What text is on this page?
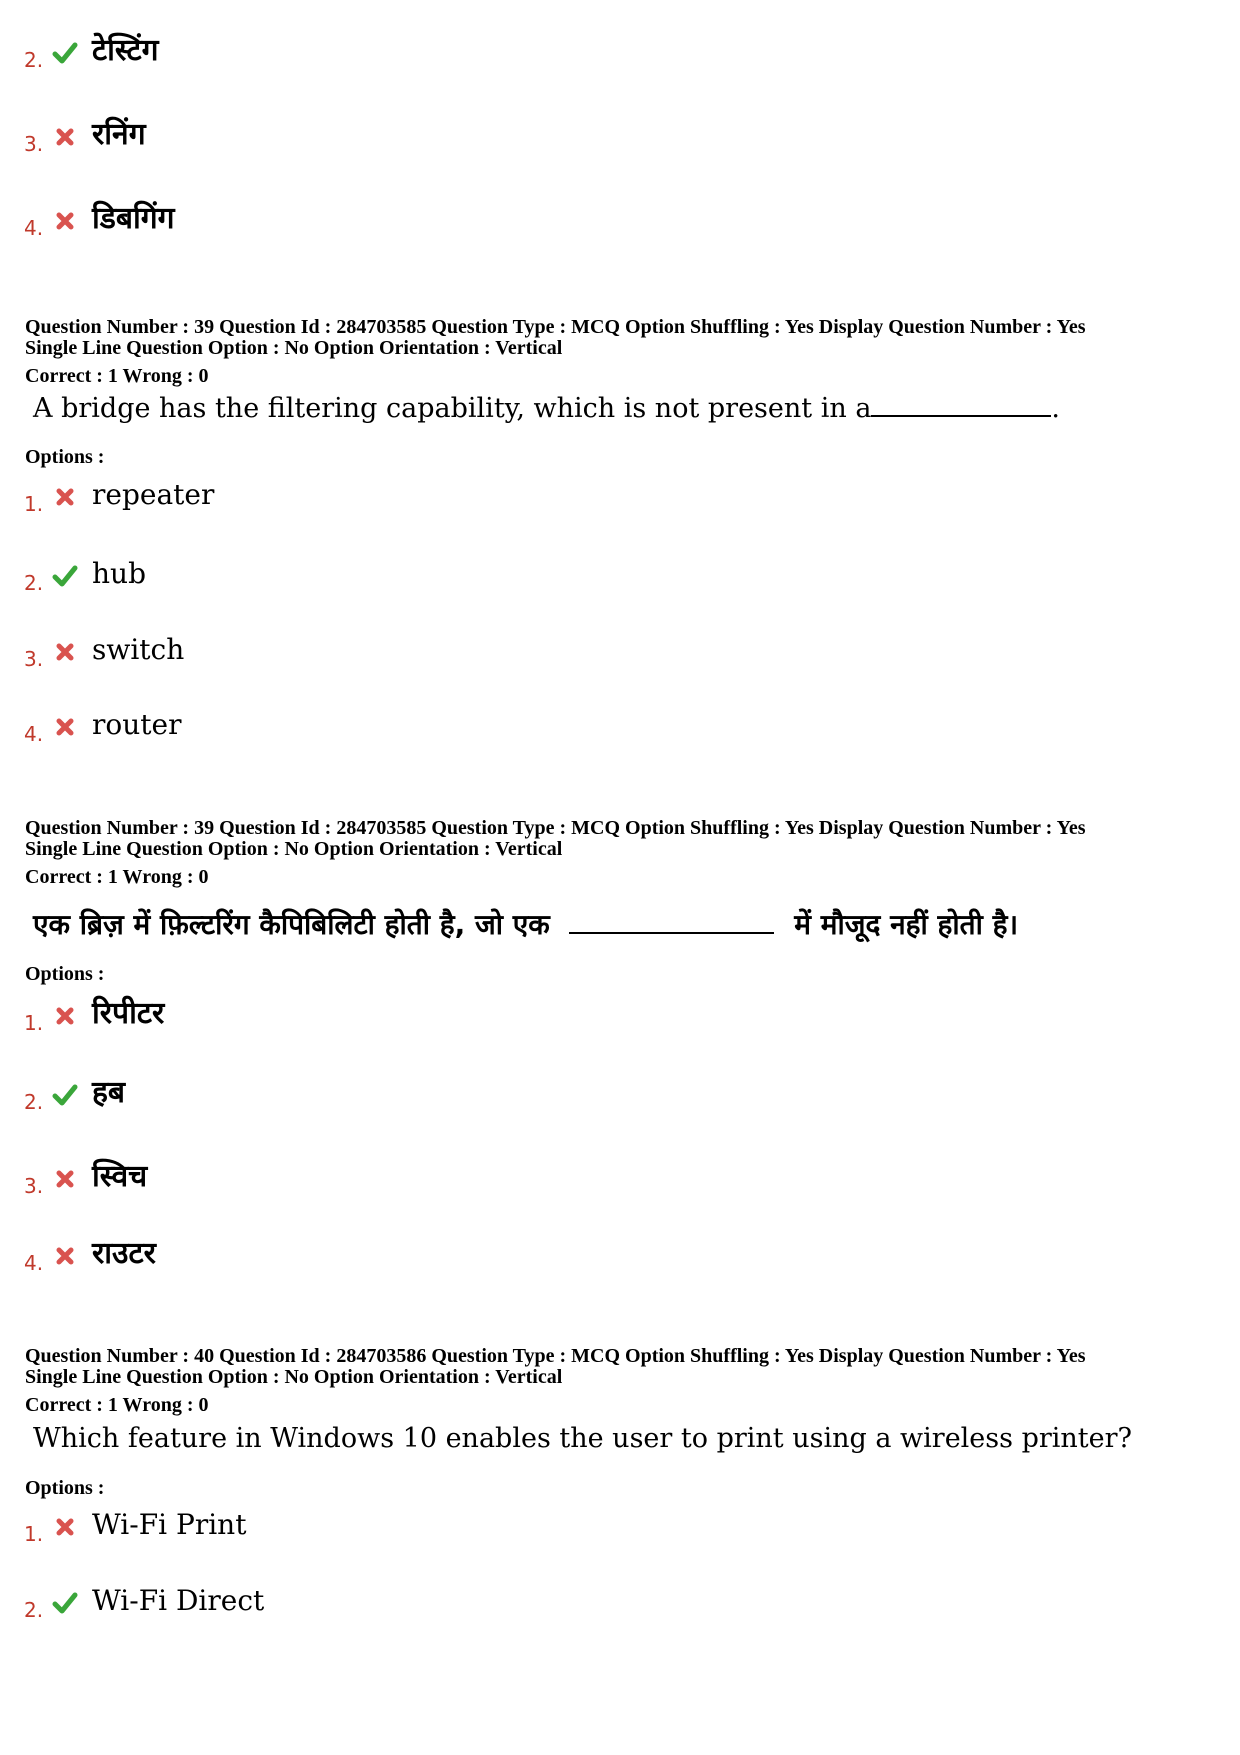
2. टेस्टिंग
3. रनिंग
4. डिबगिंग
Question Number : 39 Question Id : 284703585 Question Type : MCQ Option Shuffling : Yes Display Question Number : Yes
Single Line Question Option : No Option Orientation : Vertical
Correct : 1 Wrong : 0
A bridge has the filtering capability, which is not present in a	.
Options :
1. repeater
2. hub
3. switch
4. router
Question Number : 39 Question Id : 284703585 Question Type : MCQ Option Shuffling : Yes Display Question Number : Yes
Single Line Question Option : No Option Orientation : Vertical
Correct : 1 Wrong : 0
एक ब्रिज़ में फ़िल्टरिंग कैपिबिलिटी होती है, जो एक	में मौजूद नहीं होती है।
Options :
1. रिपीटर
2. हब
3. स्विच
4. राउटर
Question Number : 40 Question Id : 284703586 Question Type : MCQ Option Shuffling : Yes Display Question Number : Yes
Single Line Question Option : No Option Orientation : Vertical
Correct : 1 Wrong : 0
Which feature in Windows 10 enables the user to print using a wireless printer?
Options :
1. Wi-Fi Print
2. Wi-Fi Direct
